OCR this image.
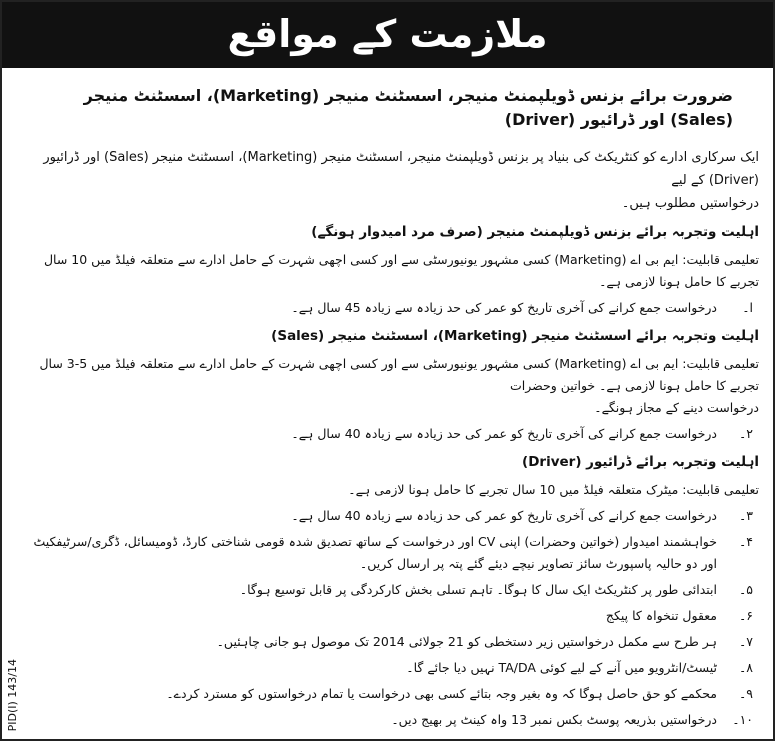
ملازمت کے مواقع
ضرورت برائے بزنس ڈویلپمنٹ منیجر، اسسٹنٹ منیجر (Marketing)، اسسٹنٹ منیجر (Sales) اور ڈرائیور (Driver)
ایک سرکاری ادارے کو کنٹریکٹ کی بنیاد پر بزنس ڈویلپمنٹ منیجر، اسسٹنٹ منیجر (Marketing)، اسسٹنٹ منیجر (Sales) اور ڈرائیور (Driver) کے لیے
درخواستیں مطلوب ہیں۔
اہلیت وتجربہ برائے بزنس ڈویلپمنٹ منیجر (صرف مرد امیدوار ہونگے)
تعلیمی قابلیت: ایم بی اے (Marketing) کسی مشہور یونیورسٹی سے اور کسی اچھی شہرت کے حامل ادارے سے متعلقہ فیلڈ میں 10 سال تجربے کا حامل ہونا لازمی ہے۔
ا۔
درخواست جمع کرانے کی آخری تاریخ کو عمر کی حد زیادہ سے زیادہ 45 سال ہے۔
اہلیت وتجربہ برائے اسسٹنٹ منیجر (Marketing)، اسسٹنٹ منیجر (Sales)
تعلیمی قابلیت: ایم بی اے (Marketing) کسی مشہور یونیورسٹی سے اور کسی اچھی شہرت کے حامل ادارے سے متعلقہ فیلڈ میں 5-3 سال تجربے کا حامل ہونا لازمی ہے۔ خواتین وحضرات
درخواست دینے کے مجاز ہونگے۔
۲۔
درخواست جمع کرانے کی آخری تاریخ کو عمر کی حد زیادہ سے زیادہ 40 سال ہے۔
اہلیت وتجربہ برائے ڈرائیور (Driver)
تعلیمی قابلیت: میٹرک متعلقہ فیلڈ میں 10 سال تجربے کا حامل ہونا لازمی ہے۔
۳۔
درخواست جمع کرانے کی آخری تاریخ کو عمر کی حد زیادہ سے زیادہ 40 سال ہے۔
۴۔
خواہشمند امیدوار (خواتین وحضرات) اپنی CV اور درخواست کے ساتھ تصدیق شدہ قومی شناختی کارڈ، ڈومیسائل، ڈگری/سرٹیفکیٹ اور دو حالیہ پاسپورٹ سائز تصاویر نیچے دیئے گئے پتہ پر ارسال کریں۔
۵۔
ابتدائی طور پر کنٹریکٹ ایک سال کا ہوگا۔ تاہم تسلی بخش کارکردگی پر قابل توسیع ہوگا۔
۶۔
معقول تنخواہ کا پیکج
۷۔
ہر طرح سے مکمل درخواستیں زیر دستخطی کو 21 جولائی 2014 تک موصول ہو جانی چاہئیں۔
۸۔
ٹیسٹ/انٹرویو میں آنے کے لیے کوئی TA/DA نہیں دیا جائے گا۔
۹۔
محکمے کو حق حاصل ہوگا کہ وہ بغیر وجہ بتائے کسی بھی درخواست یا تمام درخواستوں کو مسترد کردے۔
۱۰۔
درخواستیں بذریعہ پوسٹ بکس نمبر 13 واہ کینٹ پر بھیج دیں۔
PID(I) 143/14
